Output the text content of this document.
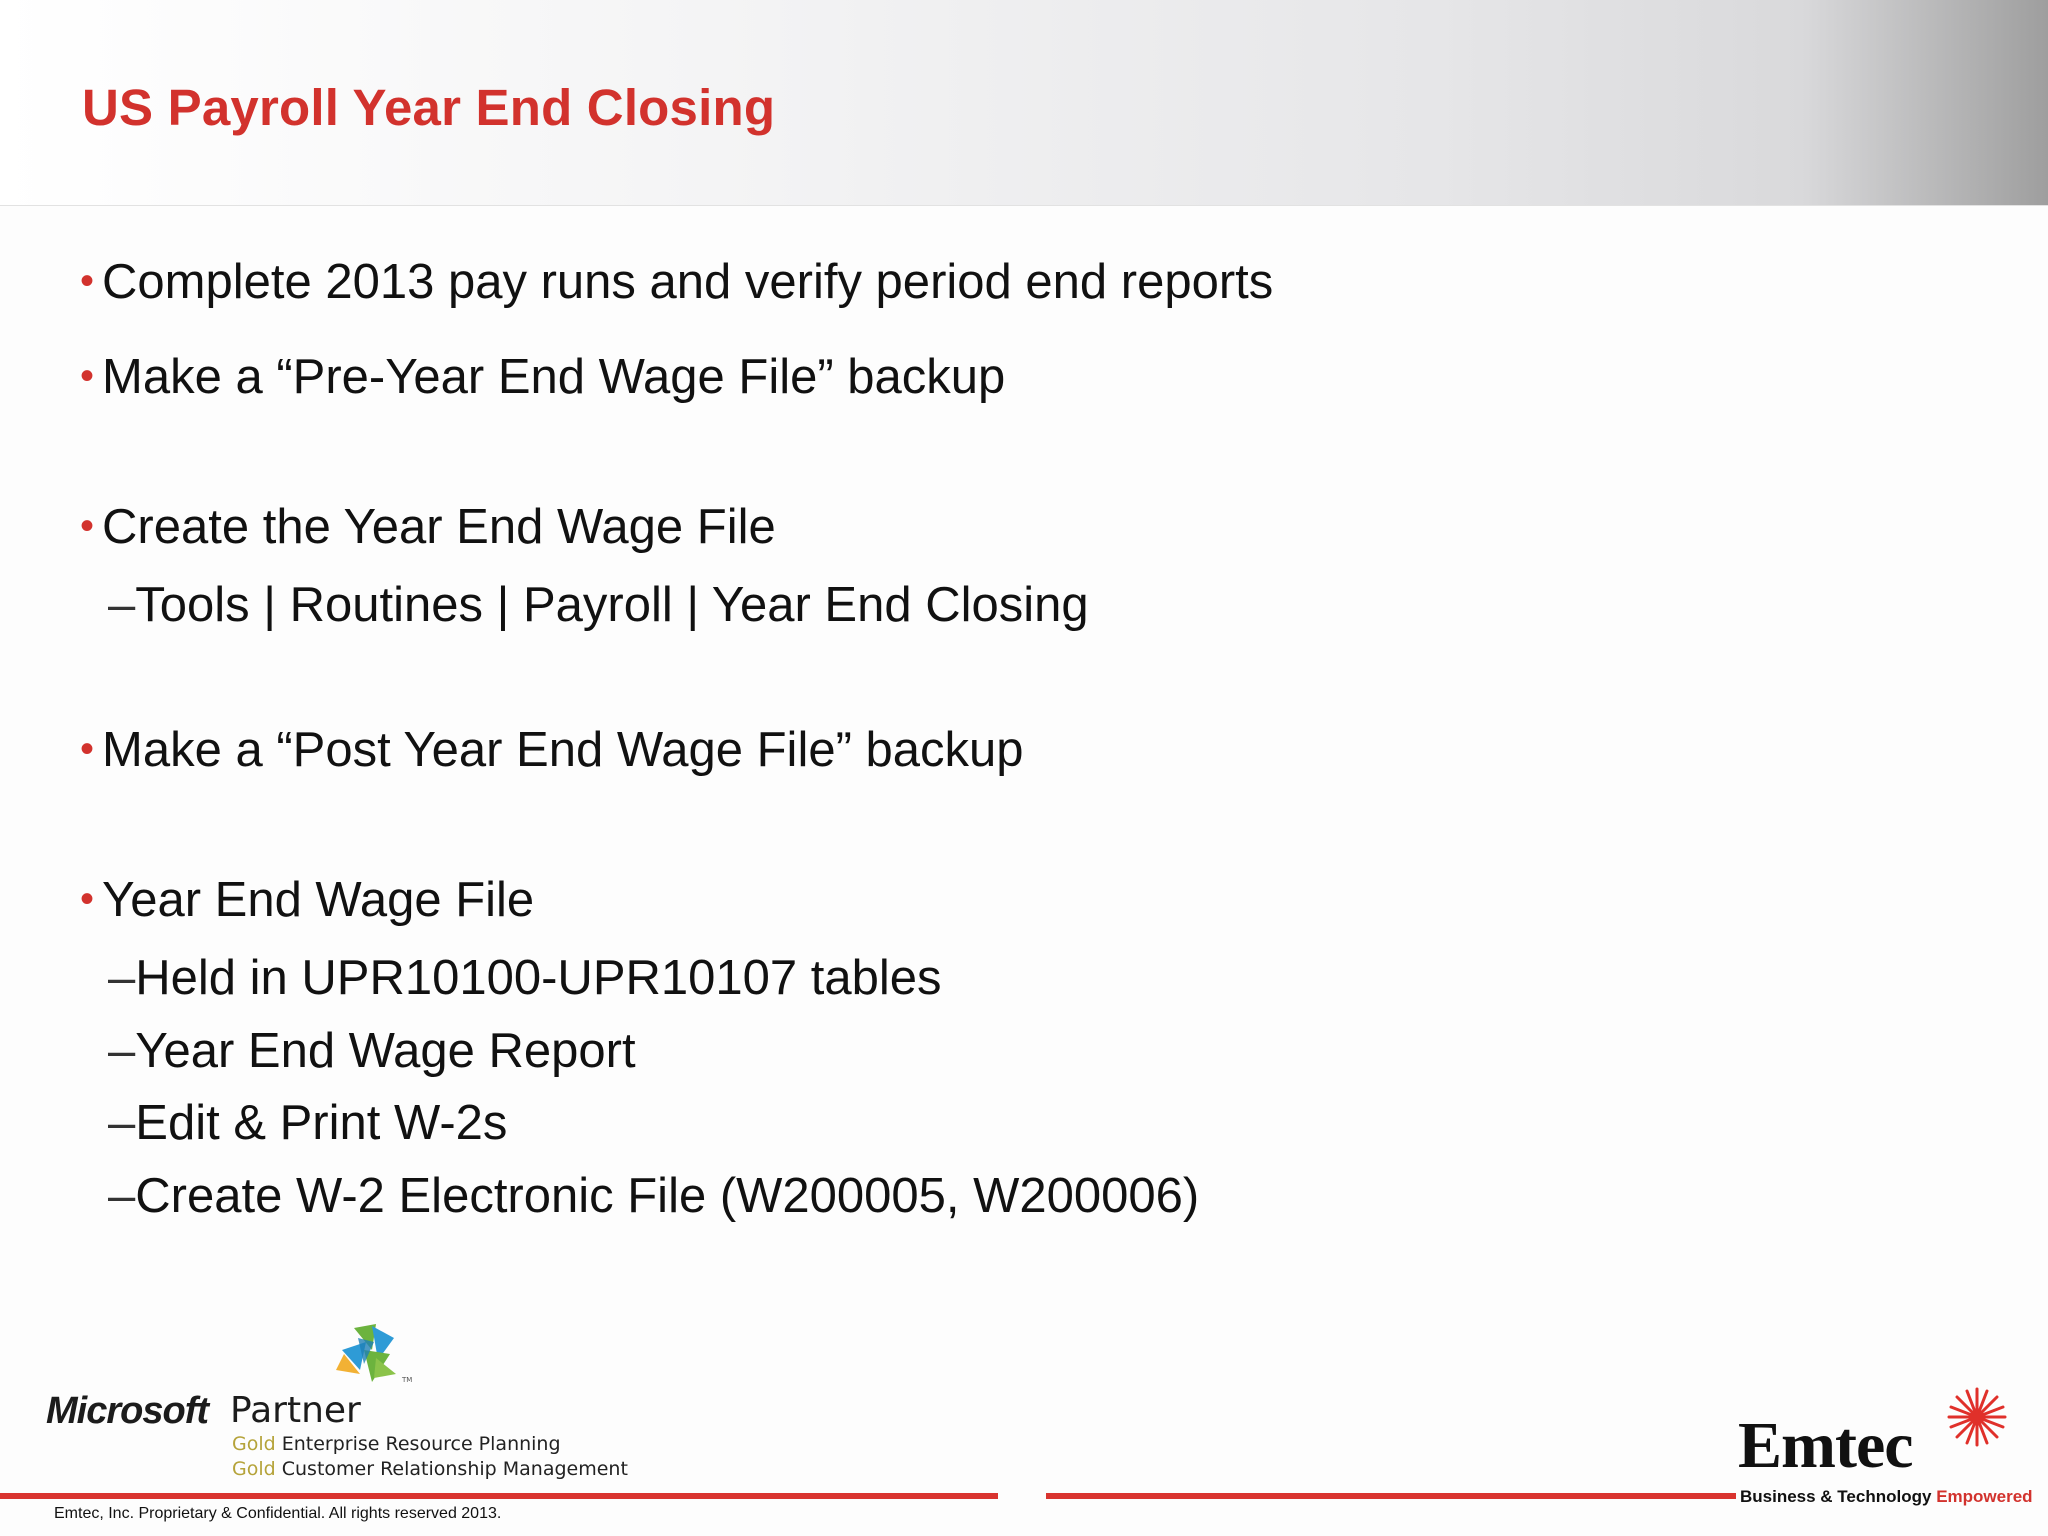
US Payroll Year End Closing
• Complete 2013 pay runs and verify period end reports
• Make a “Pre-Year End Wage File” backup
• Create the Year End Wage File
–Tools | Routines | Payroll | Year End Closing
• Make a “Post Year End Wage File” backup
• Year End Wage File
–Held in UPR10100-UPR10107 tables
–Year End Wage Report
–Edit & Print W-2s
–Create W-2 Electronic File (W200005, W200006)
TM
Microsoft Partner
Gold Enterprise Resource Planning
Gold Customer Relationship Management
Emtec, Inc. Proprietary & Confidential. All rights reserved 2013.
Emtec
Business & Technology Empowered
